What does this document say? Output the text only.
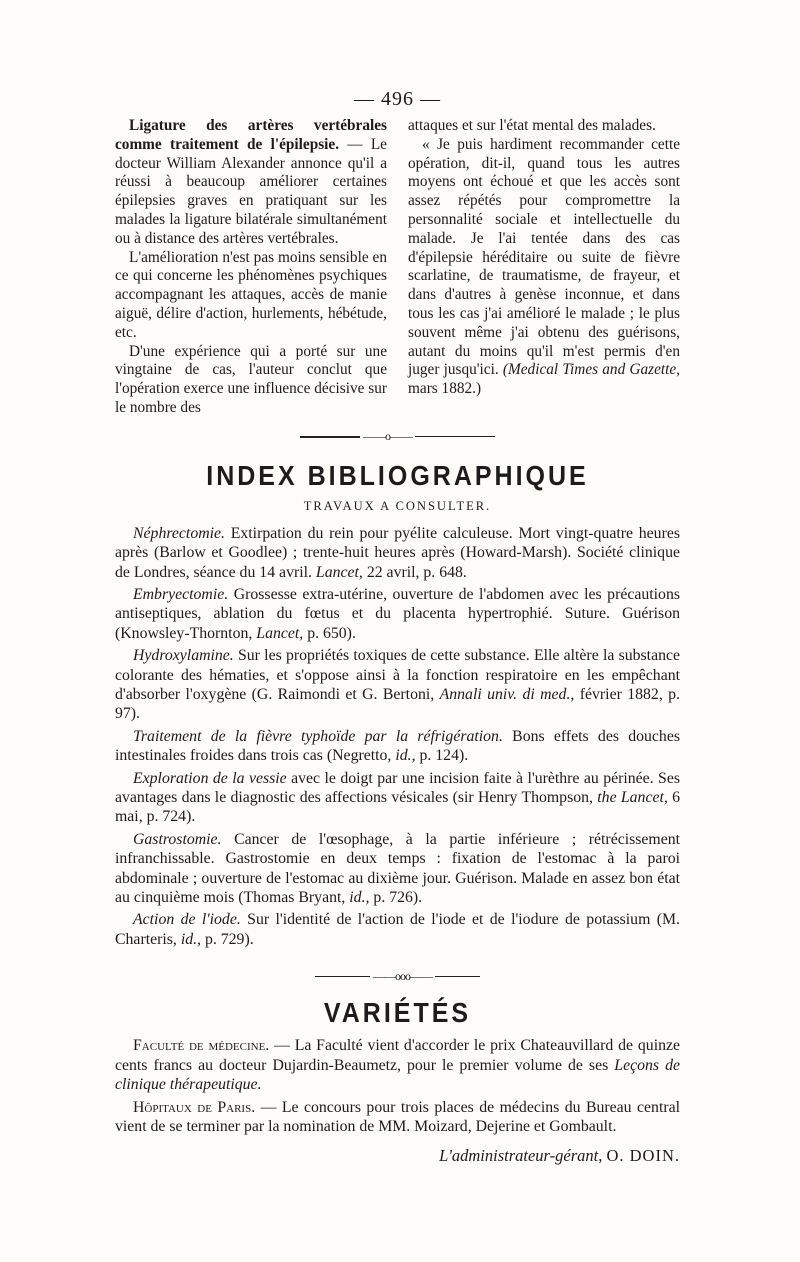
— 496 —

Ligature des artères vertébrales comme traitement de l'épilepsie. — Le docteur William Alexander annonce qu'il a réussi à beaucoup améliorer certaines épilepsies graves en pratiquant sur les malades la ligature bilatérale simultanément ou à distance des artères vertébrales.

L'amélioration n'est pas moins sensible en ce qui concerne les phénomènes psychiques accompagnant les attaques, accès de manie aiguë, délire d'action, hurlements, hébétude, etc.

D'une expérience qui a porté sur une vingtaine de cas, l'auteur conclut que l'opération exerce une influence décisive sur le nombre des

attaques et sur l'état mental des malades.

« Je puis hardiment recommander cette opération, dit-il, quand tous les autres moyens ont échoué et que les accès sont assez répétés pour compromettre la personnalité sociale et intellectuelle du malade. Je l'ai tentée dans des cas d'épilepsie héréditaire ou suite de fièvre scarlatine, de traumatisme, de frayeur, et dans d'autres à genèse inconnue, et dans tous les cas j'ai amélioré le malade ; le plus souvent même j'ai obtenu des guérisons, autant du moins qu'il m'est permis d'en juger jusqu'ici. (Medical Times and Gazette, mars 1882.)

——o——
INDEX BIBLIOGRAPHIQUE
TRAVAUX A CONSULTER.

Néphrectomie. Extirpation du rein pour pyélite calculeuse. Mort vingt-quatre heures après (Barlow et Goodlee) ; trente-huit heures après (Howard-Marsh). Société clinique de Londres, séance du 14 avril. Lancet, 22 avril, p. 648.

Embryectomie. Grossesse extra-utérine, ouverture de l'abdomen avec les précautions antiseptiques, ablation du fœtus et du placenta hypertrophié. Suture. Guérison (Knowsley-Thornton, Lancet, p. 650).

Hydroxylamine. Sur les propriétés toxiques de cette substance. Elle altère la substance colorante des hématies, et s'oppose ainsi à la fonction respiratoire en les empêchant d'absorber l'oxygène (G. Raimondi et G. Bertoni, Annali univ. di med., février 1882, p. 97).

Traitement de la fièvre typhoïde par la réfrigération. Bons effets des douches intestinales froides dans trois cas (Negretto, id., p. 124).

Exploration de la vessie avec le doigt par une incision faite à l'urèthre au périnée. Ses avantages dans le diagnostic des affections vésicales (sir Henry Thompson, the Lancet, 6 mai, p. 724).

Gastrostomie. Cancer de l'œsophage, à la partie inférieure ; rétrécissement infranchissable. Gastrostomie en deux temps : fixation de l'estomac à la paroi abdominale ; ouverture de l'estomac au dixième jour. Guérison. Malade en assez bon état au cinquième mois (Thomas Bryant, id., p. 726).

Action de l'iode. Sur l'identité de l'action de l'iode et de l'iodure de potassium (M. Charteris, id., p. 729).

——ooo——
VARIÉTÉS

Faculté de médecine. — La Faculté vient d'accorder le prix Chateauvillard de quinze cents francs au docteur Dujardin-Beaumetz, pour le premier volume de ses Leçons de clinique thérapeutique.

Hôpitaux de Paris. — Le concours pour trois places de médecins du Bureau central vient de se terminer par la nomination de MM. Moizard, Dejerine et Gombault.

L'administrateur-gérant, O. DOIN.
